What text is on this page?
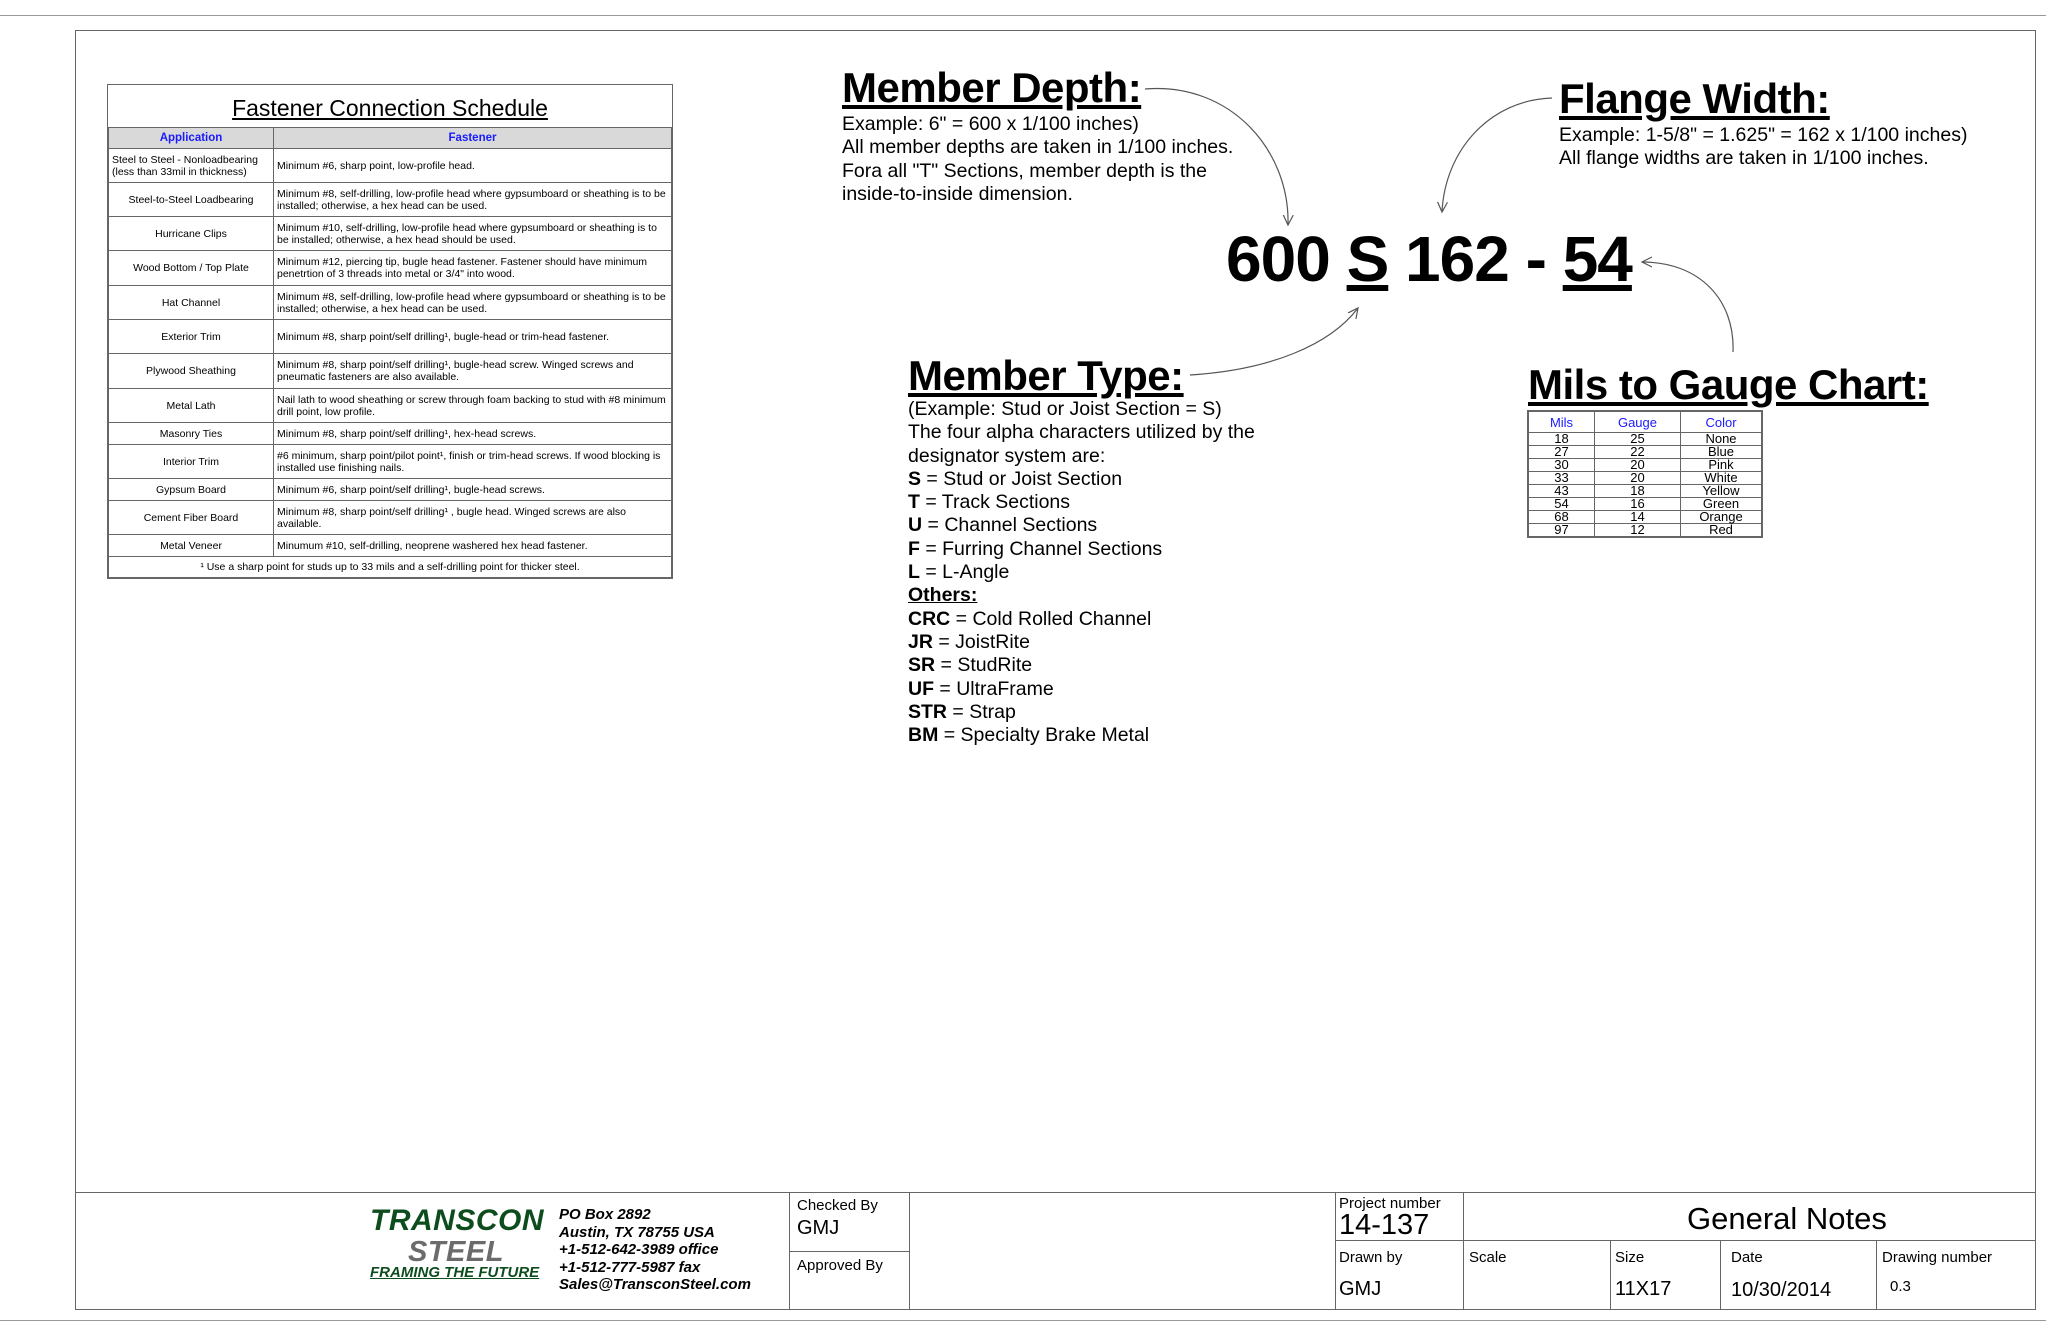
Fastener Connection Schedule
Application	Fastener
Steel to Steel - Nonloadbearing (less than 33mil in thickness)	Minimum #6, sharp point, low-profile head.
Steel-to-Steel Loadbearing	Minimum #8, self-drilling, low-profile head where gypsumboard or sheathing is to be installed; otherwise, a hex head can be used.
Hurricane Clips	Minimum #10, self-drilling, low-profile head where gypsumboard or sheathing is to be installed; otherwise, a hex head should be used.
Wood Bottom / Top Plate	Minimum #12, piercing tip, bugle head fastener. Fastener should have minimum penetrtion of 3 threads into metal or 3/4" into wood.
Hat Channel	Minimum #8, self-drilling, low-profile head where gypsumboard or sheathing is to be installed; otherwise, a hex head can be used.
Exterior Trim	Minimum #8, sharp point/self drilling¹, bugle-head or trim-head fastener.
Plywood Sheathing	Minimum #8, sharp point/self drilling¹, bugle-head screw. Winged screws and pneumatic fasteners are also available.
Metal Lath	Nail lath to wood sheathing or screw through foam backing to stud with #8 minimum drill point, low profile.
Masonry Ties	Minimum #8, sharp point/self drilling¹, hex-head screws.
Interior Trim	#6 minimum, sharp point/pilot point¹, finish or trim-head screws. If wood blocking is installed use finishing nails.
Gypsum Board	Minimum #6, sharp point/self drilling¹, bugle-head screws.
Cement Fiber Board	Minimum #8, sharp point/self drilling¹ , bugle head. Winged screws are also available.
Metal Veneer	Minumum #10, self-drilling, neoprene washered hex head fastener.
¹ Use a sharp point for studs up to 33 mils and a self-drilling point for thicker steel.	
Member Depth:
Example: 6" = 600 x 1/100 inches)
All member depths are taken in 1/100 inches.
Fora all "T" Sections, member depth is the
inside-to-inside dimension.
Flange Width:
Example: 1-5/8" = 1.625" = 162 x 1/100 inches)
All flange widths are taken in 1/100 inches.
600 S 162 - 54
Member Type:
(Example: Stud or Joist Section = S)
The four alpha characters utilized by the
designator system are:
S = Stud or Joist Section
T = Track Sections
U = Channel Sections
F = Furring Channel Sections
L = L-Angle
Others:
CRC = Cold Rolled Channel
JR = JoistRite
SR = StudRite
UF = UltraFrame
STR = Strap
BM = Specialty Brake Metal
Mils to Gauge Chart:
Mils	Gauge	Color
18	25	None
27	22	Blue
30	20	Pink
33	20	White
43	18	Yellow
54	16	Green
68	14	Orange
97	12	Red
TRANSCON
STEEL
FRAMING THE FUTURE
PO Box 2892
Austin, TX 78755 USA
+1-512-642-3989 office
+1-512-777-5987 fax
Sales@TransconSteel.com
Checked By
GMJ
Approved By
Project number
14-137	General Notes
Drawn by
GMJ
Scale	Size
11X17
Date
10/30/2014
Drawing number
0.3
